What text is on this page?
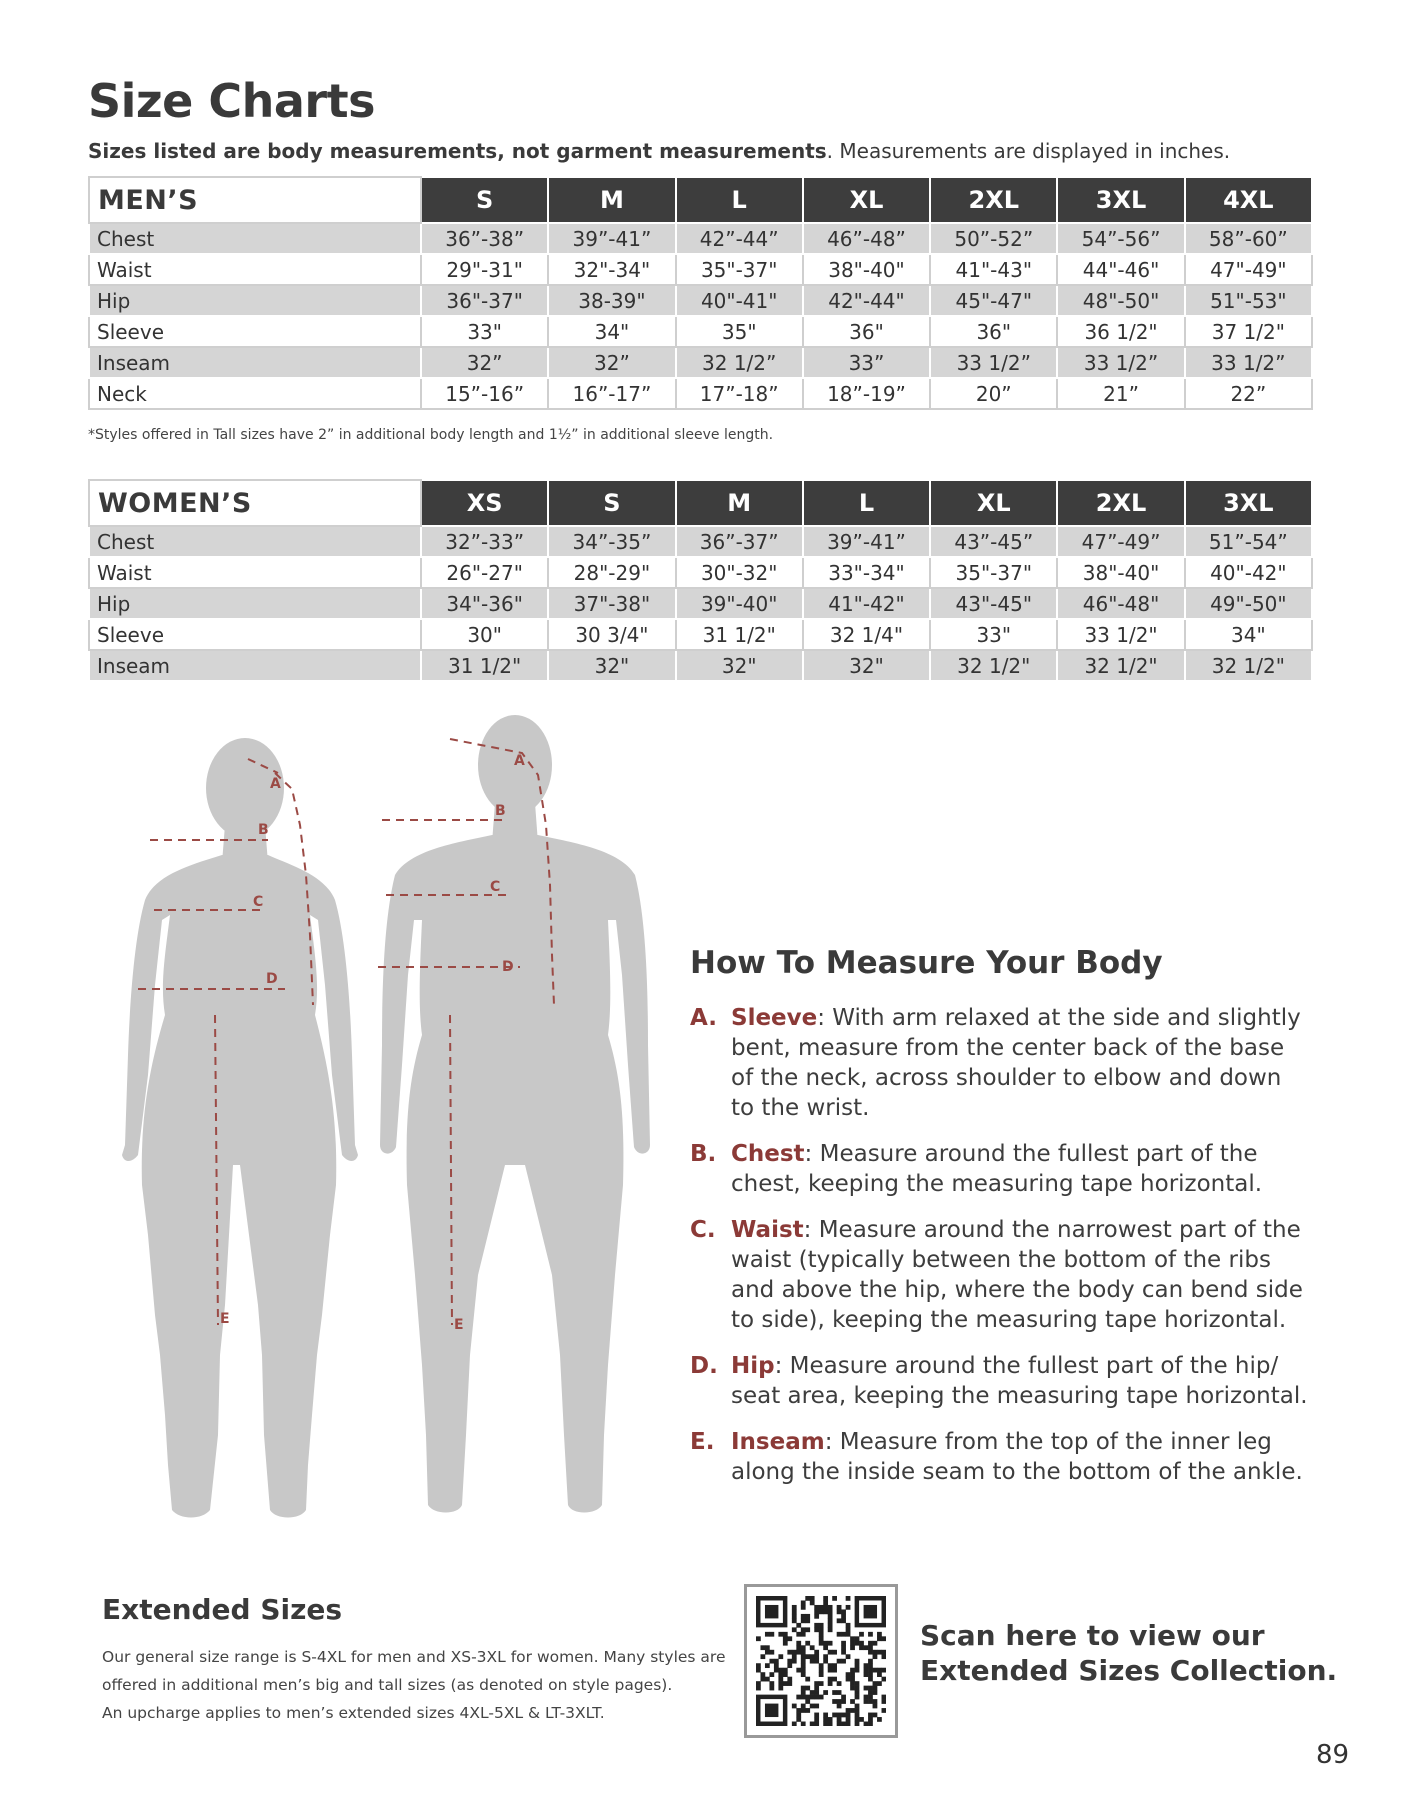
Size Charts
Sizes listed are body measurements, not garment measurements. Measurements are displayed in inches.
MEN’S	S	M	L	XL	2XL	3XL	4XL
Chest	36”-38”	39”-41”	42”-44”	46”-48”	50”-52”	54”-56”	58”-60”
Waist	29"-31"	32"-34"	35"-37"	38"-40"	41"-43"	44"-46"	47"-49"
Hip	36"-37"	38-39"	40"-41"	42"-44"	45"-47"	48"-50"	51"-53"
Sleeve	33"	34"	35"	36"	36"	36 1/2"	37 1/2"
Inseam	32”	32”	32 1/2”	33”	33 1/2”	33 1/2”	33 1/2”
Neck	15”-16”	16”-17”	17”-18”	18”-19”	20”	21”	22”
*Styles offered in Tall sizes have 2” in additional body length and 1½” in additional sleeve length.
WOMEN’S	XS	S	M	L	XL	2XL	3XL
Chest	32”-33”	34”-35”	36”-37”	39”-41”	43”-45”	47”-49”	51”-54”
Waist	26"-27"	28"-29"	30"-32"	33"-34"	35"-37"	38"-40"	40"-42"
Hip	34"-36"	37"-38"	39"-40"	41"-42"	43"-45"	46"-48"	49"-50"
Sleeve	30"	30 3/4"	31 1/2"	32 1/4"	33"	33 1/2"	34"
Inseam	31 1/2"	32"	32"	32"	32 1/2"	32 1/2"	32 1/2"
A
B
C
D
E
A
B
C
D
E
How To Measure Your Body
A. Sleeve: With arm relaxed at the side and slightly bent, measure from the center back of the base of the neck, across shoulder to elbow and down to the wrist.
B. Chest: Measure around the fullest part of the chest, keeping the measuring tape horizontal.
C. Waist: Measure around the narrowest part of the waist (typically between the bottom of the ribs and above the hip, where the body can bend side to side), keeping the measuring tape horizontal.
D. Hip: Measure around the fullest part of the hip/ seat area, keeping the measuring tape horizontal.
E. Inseam: Measure from the top of the inner leg along the inside seam to the bottom of the ankle.
Extended Sizes
Our general size range is S-4XL for men and XS-3XL for women. Many styles are
offered in additional men’s big and tall sizes (as denoted on style pages).
An upcharge applies to men’s extended sizes 4XL-5XL & LT-3XLT.
Scan here to view our
Extended Sizes Collection.
89
